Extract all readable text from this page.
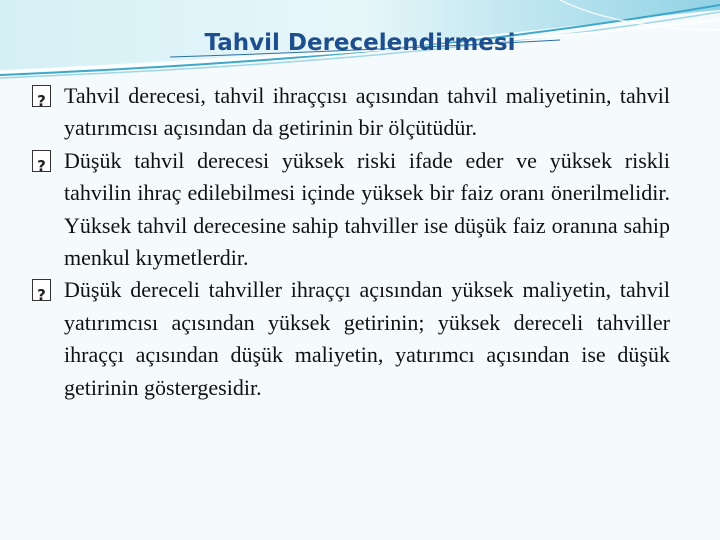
Tahvil Derecelendirmesi

?
Tahvil derecesi, tahvil ihraççısı açısından tahvil maliyetinin, tahvil yatırımcısı açısından da getirinin bir ölçütüdür.

?
Düşük tahvil derecesi yüksek riski ifade eder ve yüksek riskli tahvilin ihraç edilebilmesi içinde yüksek bir faiz oranı önerilmelidir. Yüksek tahvil derecesine sahip tahviller ise düşük faiz oranına sahip menkul kıymetlerdir.

?
Düşük dereceli tahviller ihraççı açısından yüksek maliyetin, tahvil yatırımcısı açısından yüksek getirinin; yüksek dereceli tahviller ihraççı açısından düşük maliyetin, yatırımcı açısından ise düşük getirinin göstergesidir.
